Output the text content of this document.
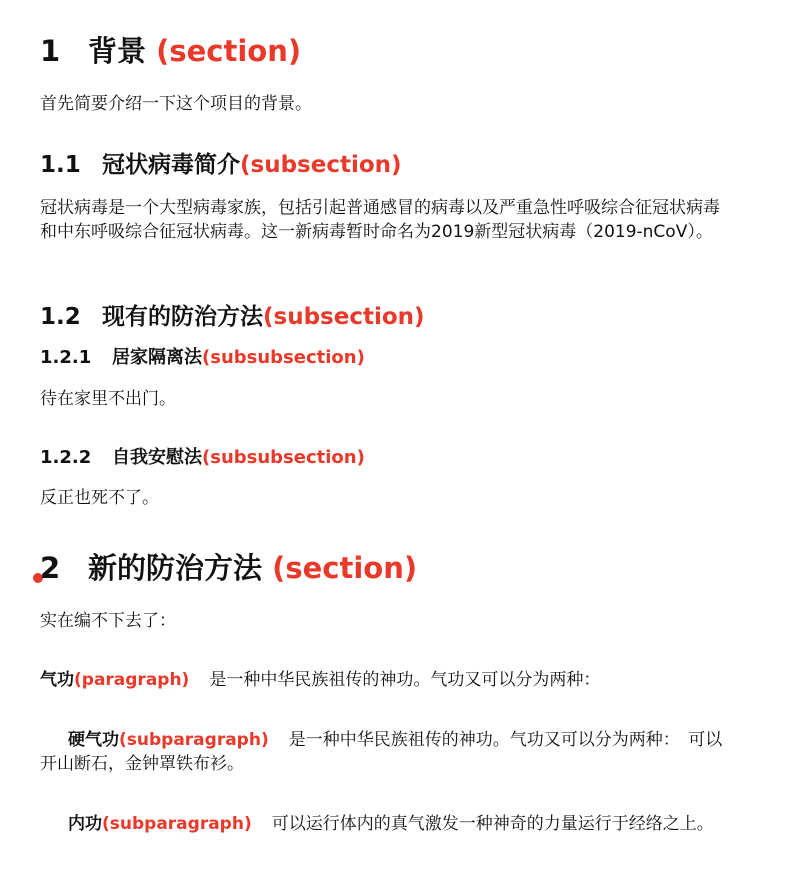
1 背景 (section)

首先简要介绍一下这个项目的背景。

1.1 冠状病毒简介(subsection)

冠状病毒是一个大型病毒家族，包括引起普通感冒的病毒以及严重急性呼吸综合征冠状病毒和中东呼吸综合征冠状病毒。这一新病毒暂时命名为2019新型冠状病毒（2019-nCoV）。

1.2 现有的防治方法(subsection)
1.2.1 居家隔离法(subsubsection)

待在家里不出门。

1.2.2 自我安慰法(subsubsection)

反正也死不了。

2 新的防治方法 (section)

实在编不下去了：

气功(paragraph) 是一种中华民族祖传的神功。气功又可以分为两种：

硬气功(subparagraph) 是一种中华民族祖传的神功。气功又可以分为两种：　可以开山断石，金钟罩铁布衫。

内功(subparagraph) 可以运行体内的真气激发一种神奇的力量运行于经络之上。
